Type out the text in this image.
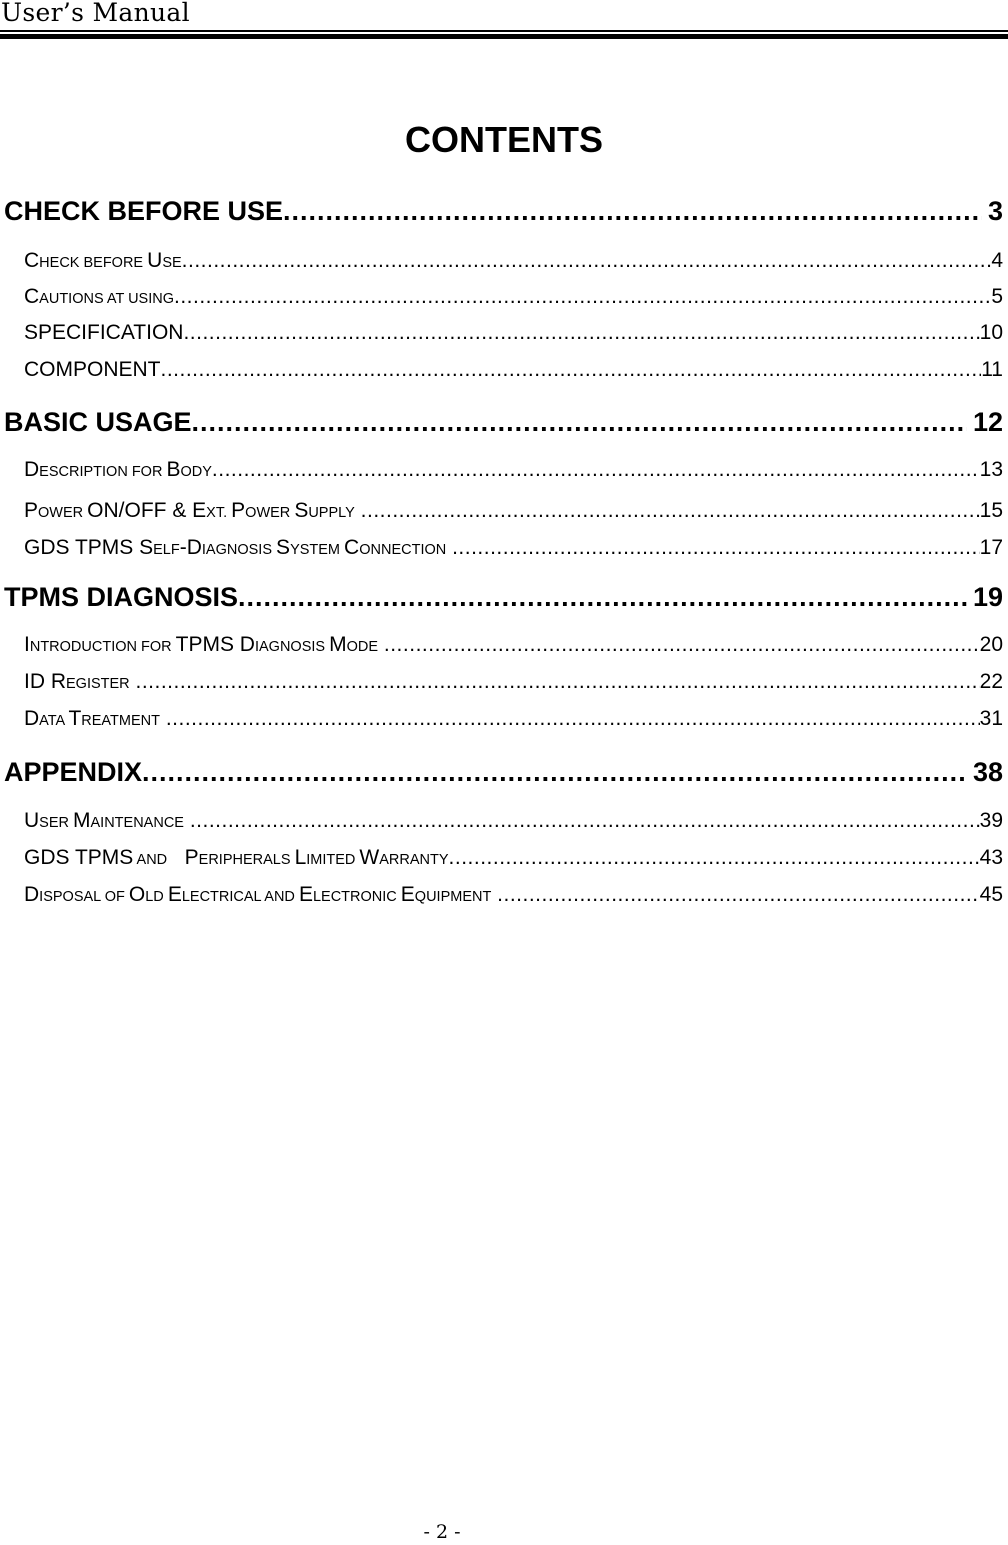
User’s Manual
CONTENTS
CHECK BEFORE USE .....	3
CHECK BEFORE USE .....	4
CAUTIONS AT USING .....	5
SPECIFICATION .....	10
COMPONENT .....	11
BASIC USAGE .....	12
DESCRIPTION FOR BODY .....	13
POWER ON/OFF & EXT. POWER SUPPLY .....	15
GDS TPMS SELF-DIAGNOSIS SYSTEM CONNECTION .....	17
TPMS DIAGNOSIS .....	19
INTRODUCTION FOR TPMS DIAGNOSIS MODE .....	20
ID REGISTER .....	22
DATA TREATMENT .....	31
APPENDIX .....	38
USER MAINTENANCE .....	39
GDS TPMS AND   PERIPHERALS LIMITED WARRANTY .....	43
DISPOSAL OF OLD ELECTRICAL AND ELECTRONIC EQUIPMENT .....	45
- 2 -
